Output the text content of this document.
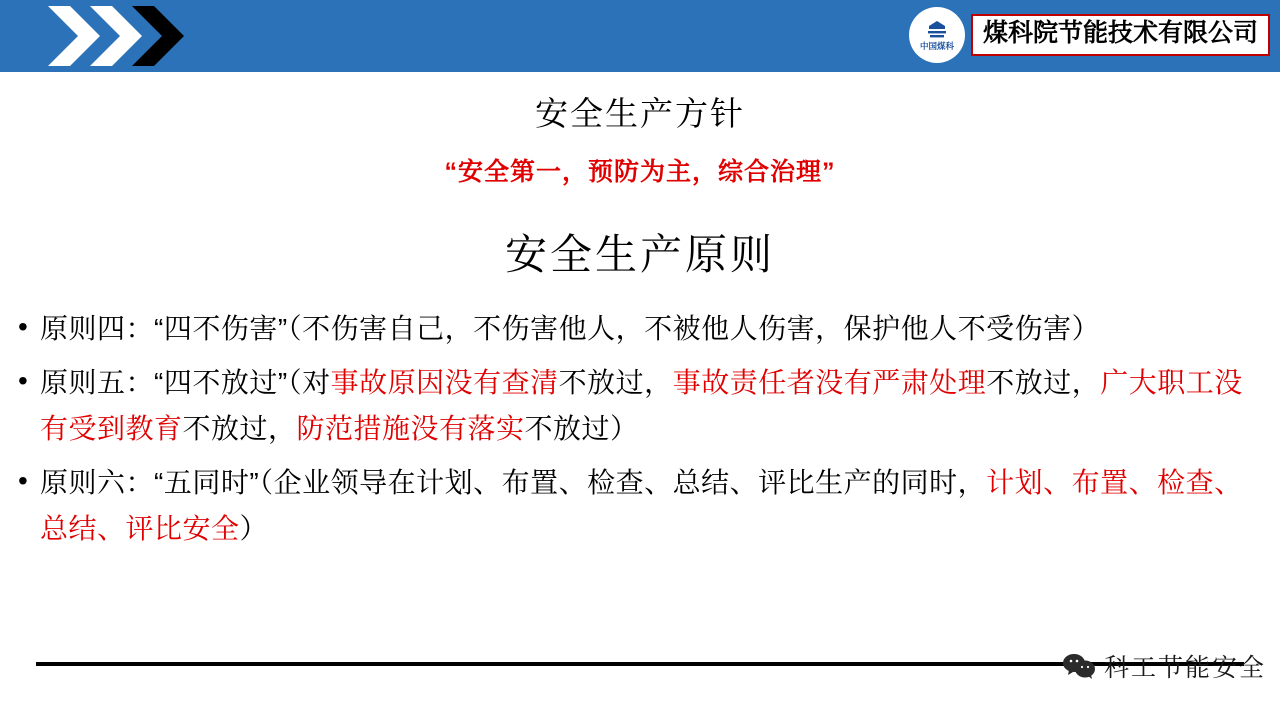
中国煤科	煤科院节能技术有限公司
安全生产方针
“安全第一，预防为主，综合治理”
安全生产原则
• 原则四：“四不伤害”（不伤害自己，不伤害他人，不被他人伤害，保护他人不受伤害）
• 原则五：“四不放过”（对事故原因没有查清不放过，事故责任者没有严肃处理不放过，广大职工没有受到教育不放过，防范措施没有落实不放过）
• 原则六：“五同时”（企业领导在计划、布置、检查、总结、评比生产的同时，计划、布置、检查、总结、评比安全）
科工节能安全
